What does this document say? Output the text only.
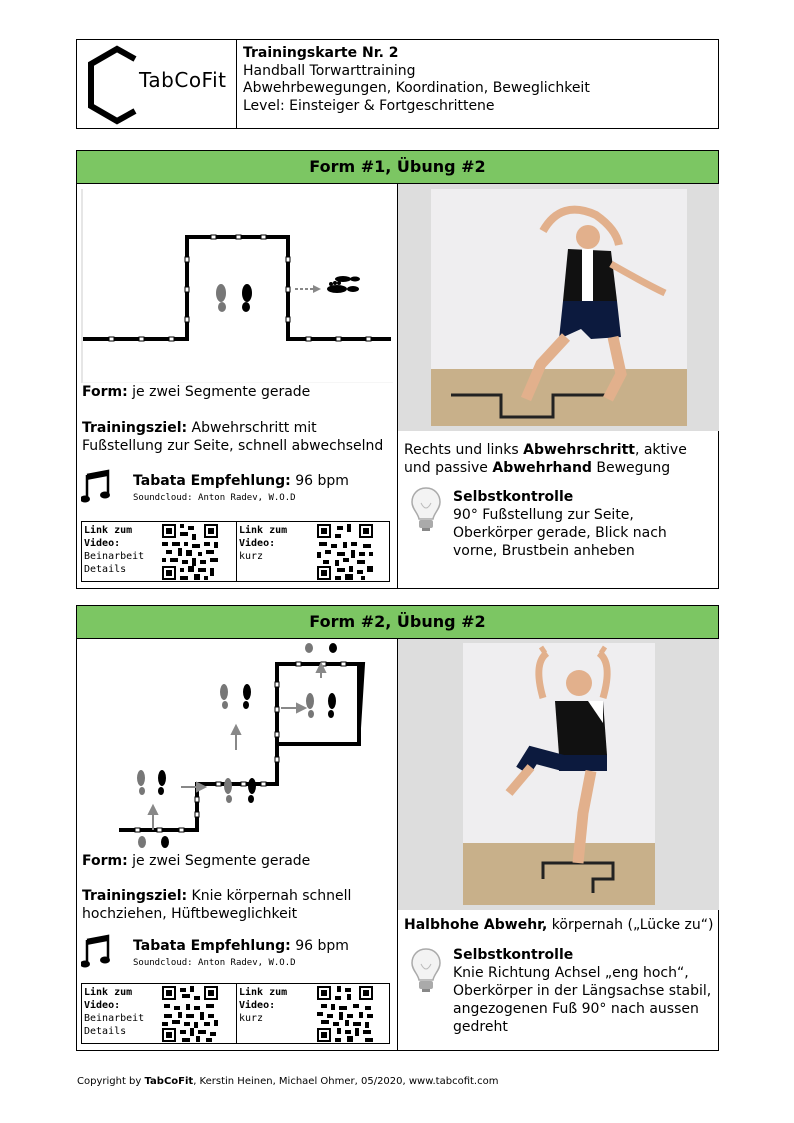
TabCoFit
Trainingskarte Nr. 2
Handball Torwarttraining
Abwehrbewegungen, Koordination, Beweglichkeit
Level: Einsteiger & Fortgeschrittene
Form #1, Übung #2
Form: je zwei Segmente gerade
Trainingsziel: Abwehrschritt mit Fußstellung zur Seite, schnell abwechselnd
Tabata Empfehlung: 96 bpm
Soundcloud: Anton Radev, W.O.D
Link zum
Video:
Beinarbeit
Details
Link zum
Video:
kurz
Rechts und links Abwehrschritt, aktive und passive Abwehrhand Bewegung
Selbstkontrolle
90° Fußstellung zur Seite, Oberkörper gerade, Blick nach vorne, Brustbein anheben
Form #2, Übung #2
Form: je zwei Segmente gerade
Trainingsziel: Knie körpernah schnell hochziehen, Hüftbeweglichkeit
Tabata Empfehlung: 96 bpm
Soundcloud: Anton Radev, W.O.D
Link zum
Video:
Beinarbeit
Details
Link zum
Video:
kurz
Halbhohe Abwehr, körpernah („Lücke zu“)
Selbstkontrolle
Knie Richtung Achsel „eng hoch“, Oberkörper in der Längsachse stabil, angezogenen Fuß 90° nach aussen gedreht
Copyright by TabCoFit, Kerstin Heinen, Michael Ohmer, 05/2020, www.tabcofit.com
